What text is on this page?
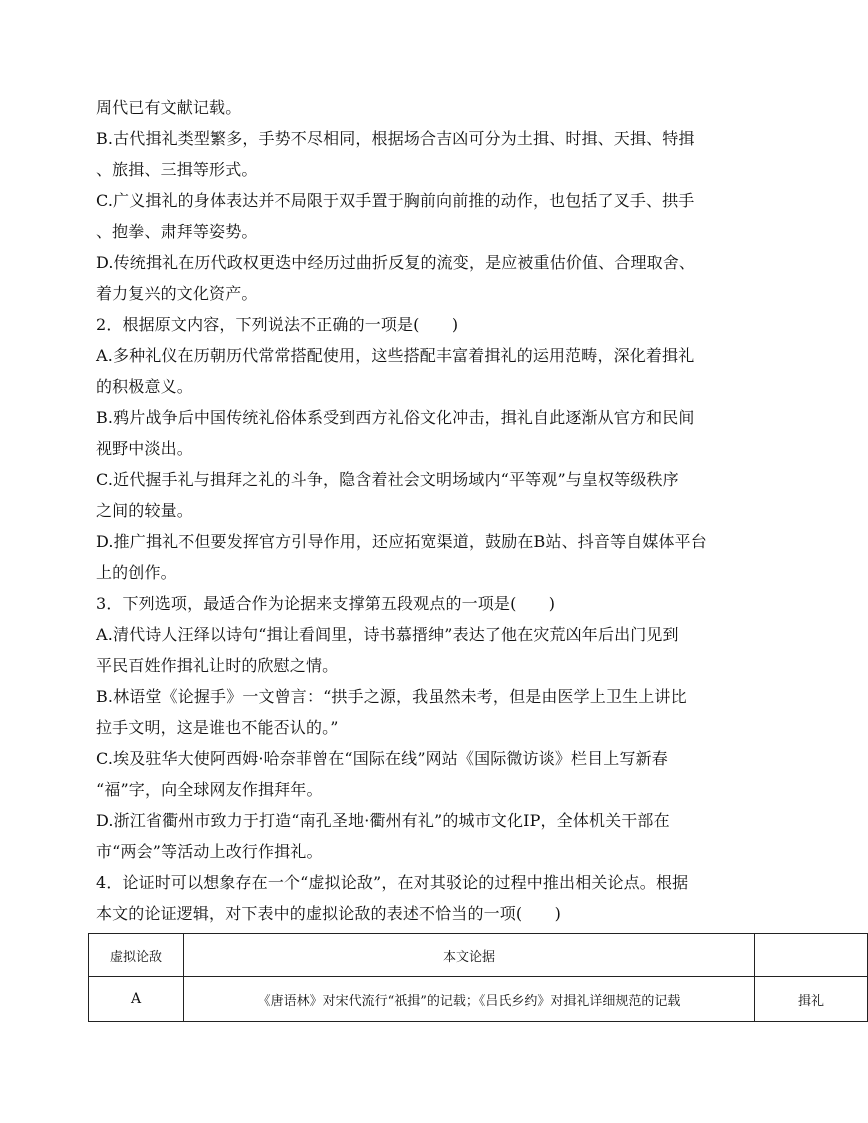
周代已有文献记载。
B.古代揖礼类型繁多，手势不尽相同，根据场合吉凶可分为土揖、时揖、天揖、特揖
、旅揖、三揖等形式。
C.广义揖礼的身体表达并不局限于双手置于胸前向前推的动作，也包括了叉手、拱手
、抱拳、肃拜等姿势。
D.传统揖礼在历代政权更迭中经历过曲折反复的流变，是应被重估价值、合理取舍、
着力复兴的文化资产。
2．根据原文内容，下列说法不正确的一项是(　　)
A.多种礼仪在历朝历代常常搭配使用，这些搭配丰富着揖礼的运用范畴，深化着揖礼
的积极意义。
B.鸦片战争后中国传统礼俗体系受到西方礼俗文化冲击，揖礼自此逐渐从官方和民间
视野中淡出。
C.近代握手礼与揖拜之礼的斗争，隐含着社会文明场域内“平等观”与皇权等级秩序
之间的较量。
D.推广揖礼不但要发挥官方引导作用，还应拓宽渠道，鼓励在B站、抖音等自媒体平台
上的创作。
3．下列选项，最适合作为论据来支撑第五段观点的一项是(　　)
A.清代诗人汪绎以诗句“揖让看闾里，诗书慕搢绅”表达了他在灾荒凶年后出门见到
平民百姓作揖礼让时的欣慰之情。
B.林语堂《论握手》一文曾言：“拱手之源，我虽然未考，但是由医学上卫生上讲比
拉手文明，这是谁也不能否认的。”
C.埃及驻华大使阿西姆·哈奈菲曾在“国际在线”网站《国际微访谈》栏目上写新春
“福”字，向全球网友作揖拜年。
D.浙江省衢州市致力于打造“南孔圣地·衢州有礼”的城市文化IP，全体机关干部在
市“两会”等活动上改行作揖礼。
4．论证时可以想象存在一个“虚拟论敌”，在对其驳论的过程中推出相关论点。根据
本文的论证逻辑，对下表中的虚拟论敌的表述不恰当的一项(　　)
虚拟论敌	本文论据	
A	《唐语林》对宋代流行“祇揖”的记载；《吕氏乡约》对揖礼详细规范的记载	揖礼
